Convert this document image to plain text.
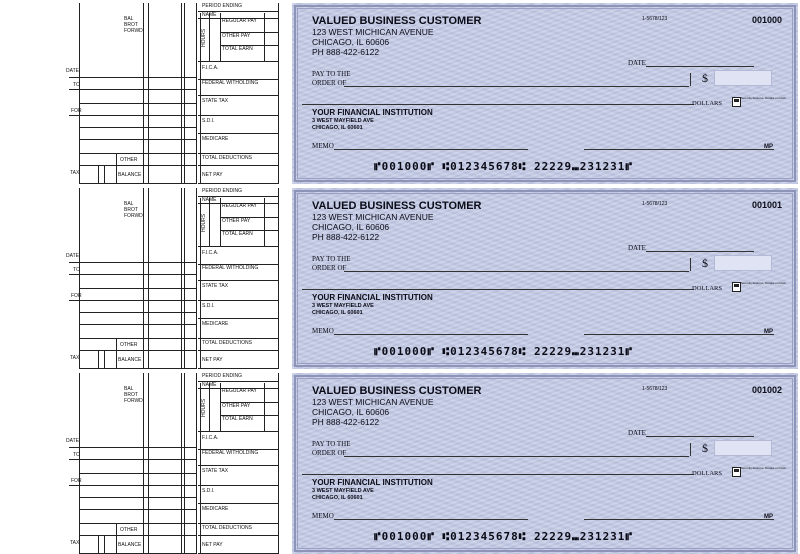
PERIOD ENDING
NAME
BAL
BROT
FORWD	HOURS
REGULAR PAY
OTHER PAY
TOTAL EARN
F.I.C.A.
FEDERAL WITHOLDING
STATE TAX
S.D.I.
MEDICARE
TOTAL DEDUCTIONS
NET PAY
DATE
TO
FOR
OTHER
TAX	BALANCE
VALUED BUSINESS CUSTOMER
123 WEST MICHICAN AVENUE
CHICAGO, IL 60606
PH 888-422-6122
1-5678/123	001000
DATE
PAY TO THE
ORDER OF	$
DOLLARS
Security features. Details on back.
YOUR FINANCIAL INSTITUTION
3 WEST MAYFIELD AVE
CHICAGO, IL 60601
MEMO	MP
⑈001000⑈ ⑆012345678⑆ 22229⑉231231⑈
PERIOD ENDING
NAME
BAL
BROT
FORWD	HOURS
REGULAR PAY
OTHER PAY
TOTAL EARN
F.I.C.A.
FEDERAL WITHOLDING
STATE TAX
S.D.I.
MEDICARE
TOTAL DEDUCTIONS
NET PAY
DATE
TO
FOR
OTHER
TAX	BALANCE
VALUED BUSINESS CUSTOMER
123 WEST MICHICAN AVENUE
CHICAGO, IL 60606
PH 888-422-6122
1-5678/123	001001
DATE
PAY TO THE
ORDER OF	$
DOLLARS
Security features. Details on back.
YOUR FINANCIAL INSTITUTION
3 WEST MAYFIELD AVE
CHICAGO, IL 60601
MEMO	MP
⑈001000⑈ ⑆012345678⑆ 22229⑉231231⑈
PERIOD ENDING
NAME
BAL
BROT
FORWD	HOURS
REGULAR PAY
OTHER PAY
TOTAL EARN
F.I.C.A.
FEDERAL WITHOLDING
STATE TAX
S.D.I.
MEDICARE
TOTAL DEDUCTIONS
NET PAY
DATE
TO
FOR
OTHER
TAX	BALANCE
VALUED BUSINESS CUSTOMER
123 WEST MICHICAN AVENUE
CHICAGO, IL 60606
PH 888-422-6122
1-5678/123	001002
DATE
PAY TO THE
ORDER OF	$
DOLLARS
Security features. Details on back.
YOUR FINANCIAL INSTITUTION
3 WEST MAYFIELD AVE
CHICAGO, IL 60601
MEMO	MP
⑈001000⑈ ⑆012345678⑆ 22229⑉231231⑈
